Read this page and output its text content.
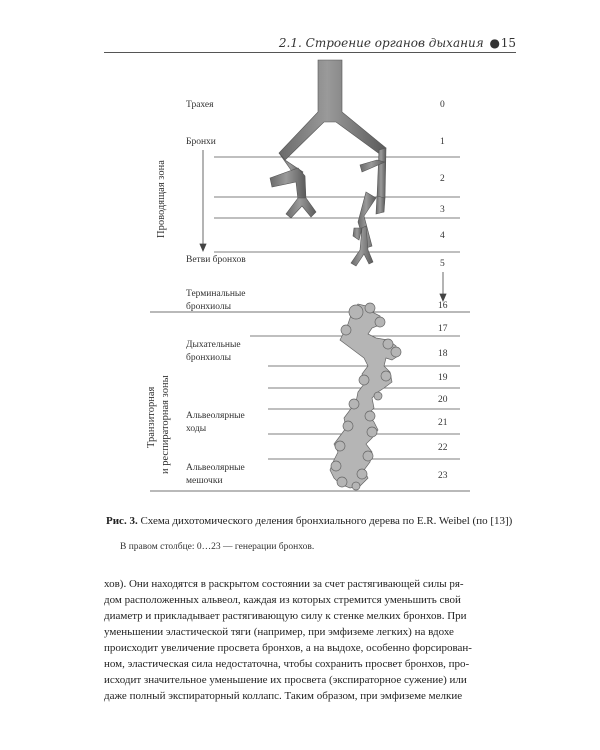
2.1. Строение органов дыхания ● 15
Проводящая зона
Транзиторная и респираторная зоны
Трахея
Бронхи
Ветви бронхов
Терминальные
бронхиолы
Дыхательные
бронхиолы
Альвеолярные
ходы
Альвеолярные
мешочки
0
1
2
3
4
5
16
17
18
19
20
21
22
23
Рис. 3. Схема дихотомического деления бронхиального дерева по E.R. Weibel (по [13])
В правом столбце: 0…23 — генерации бронхов.
хов). Они находятся в раскрытом состоянии за счет растягивающей силы ря-
дом расположенных альвеол, каждая из которых стремится уменьшить свой
диаметр и прикладывает растягивающую силу к стенке мелких бронхов. При
уменьшении эластической тяги (например, при эмфиземе легких) на вдохе
происходит увеличение просвета бронхов, а на выдохе, особенно форсирован-
ном, эластическая сила недостаточна, чтобы сохранить просвет бронхов, про-
исходит значительное уменьшение их просвета (экспираторное сужение) или
даже полный экспираторный коллапс. Таким образом, при эмфиземе мелкие
